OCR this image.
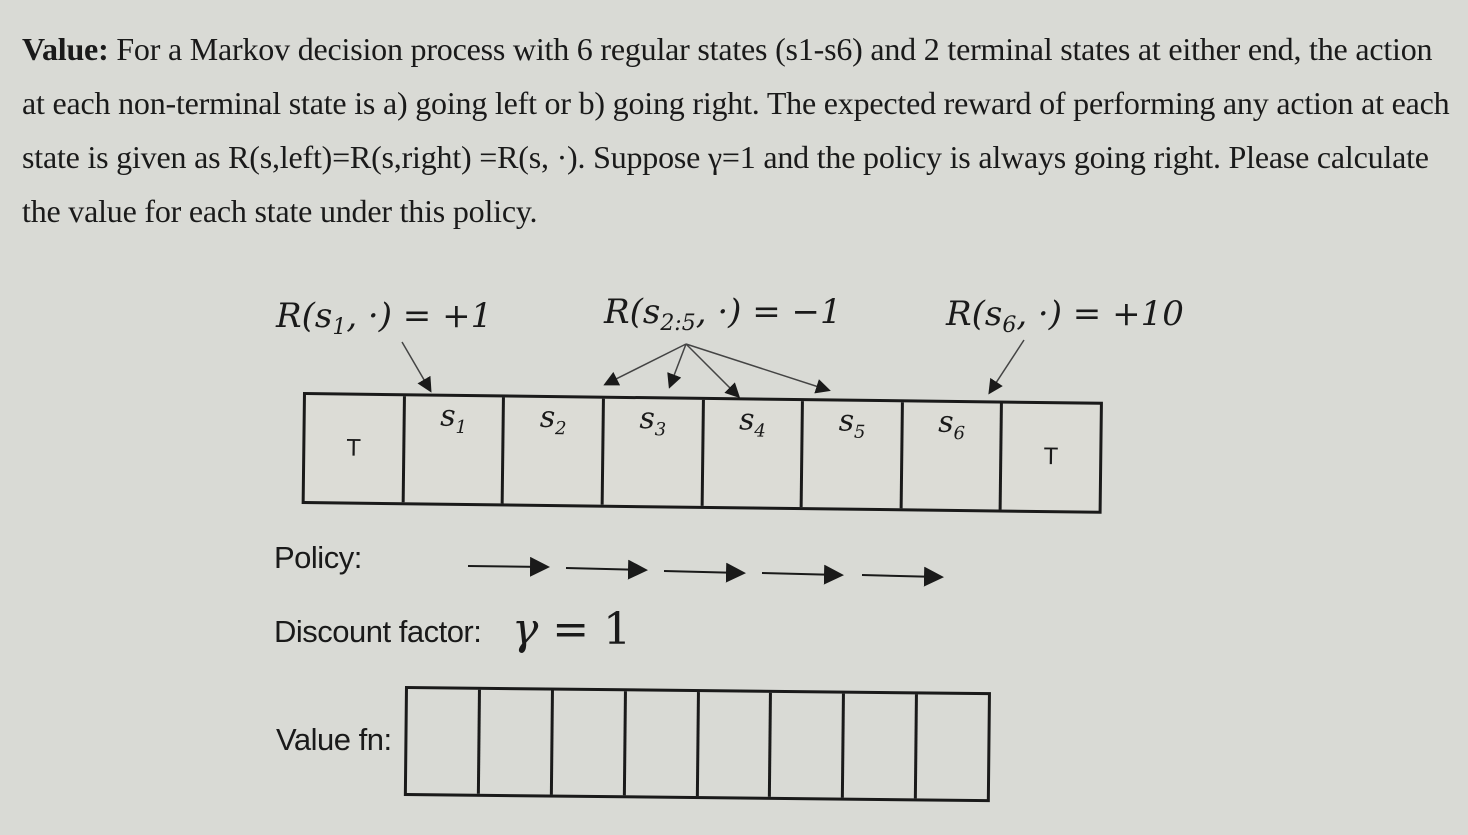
Value: For a Markov decision process with 6 regular states (s1-s6) and 2 terminal states at either end, the action at each non-terminal state is a) going left or b) going right. The expected reward of performing any action at each state is given as R(s,left)=R(s,right) =R(s, ·). Suppose γ=1 and the policy is always going right. Please calculate the value for each state under this policy.
$R(s_1$, ·) = +1	$R(s_{2:5}$, ·) = −1	$R(s_6$, ·) = +10
T
$s_1$ $s_2$ $s_3$ $s_4$ $s_5$ $s_6$
T
Policy:
Discount factor: γ = 1
Value fn:
